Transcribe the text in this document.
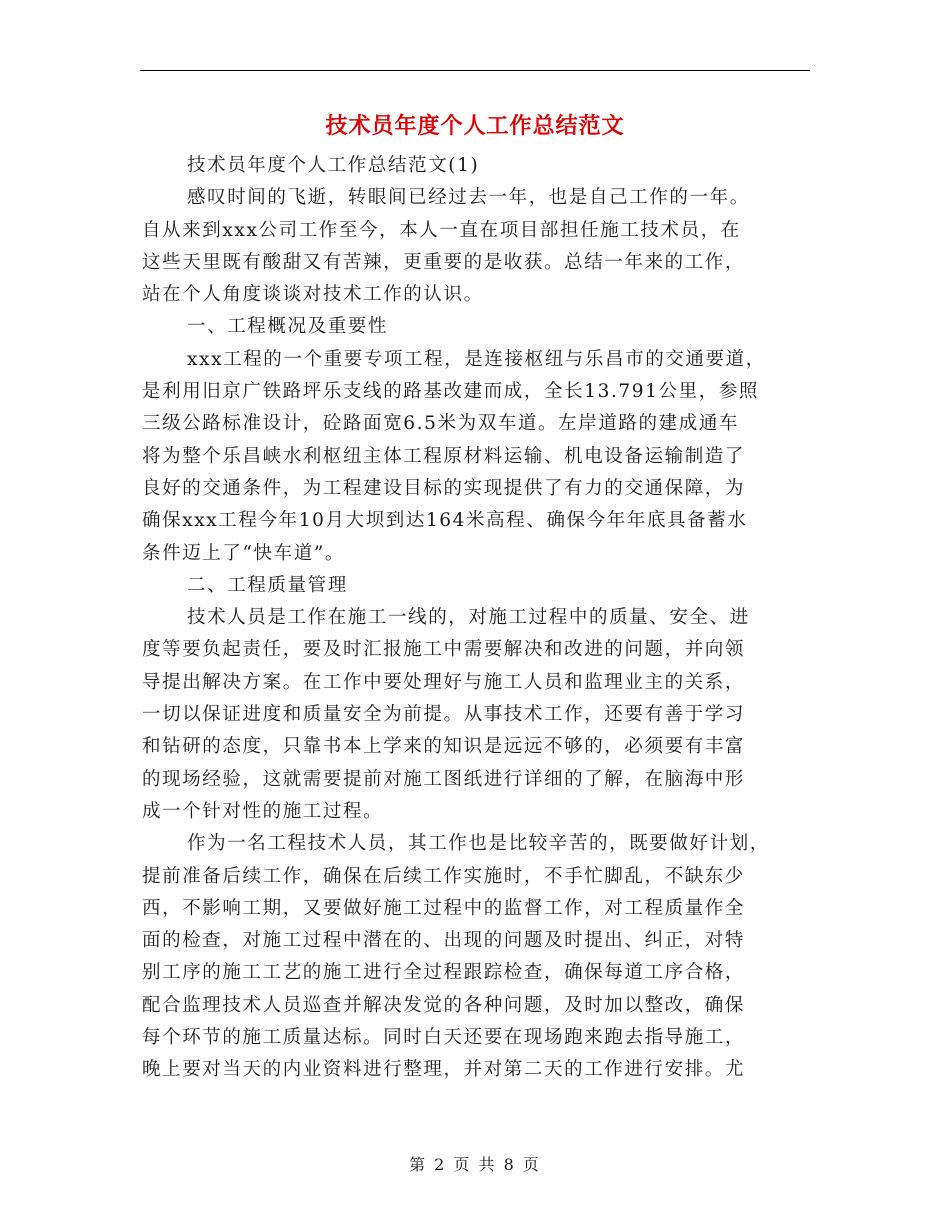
技术员年度个人工作总结范文
技术员年度个人工作总结范文(1)
感叹时间的飞逝，转眼间已经过去一年，也是自己工作的一年。
自从来到xxx公司工作至今，本人一直在项目部担任施工技术员，在
这些天里既有酸甜又有苦辣，更重要的是收获。总结一年来的工作，
站在个人角度谈谈对技术工作的认识。
一、工程概况及重要性
xxx工程的一个重要专项工程，是连接枢纽与乐昌市的交通要道，
是利用旧京广铁路坪乐支线的路基改建而成，全长13.791公里，参照
三级公路标准设计，砼路面宽6.5米为双车道。左岸道路的建成通车
将为整个乐昌峡水利枢纽主体工程原材料运输、机电设备运输制造了
良好的交通条件，为工程建设目标的实现提供了有力的交通保障，为
确保xxx工程今年10月大坝到达164米高程、确保今年年底具备蓄水
条件迈上了“快车道”。
二、工程质量管理
技术人员是工作在施工一线的，对施工过程中的质量、安全、进
度等要负起责任，要及时汇报施工中需要解决和改进的问题，并向领
导提出解决方案。在工作中要处理好与施工人员和监理业主的关系，
一切以保证进度和质量安全为前提。从事技术工作，还要有善于学习
和钻研的态度，只靠书本上学来的知识是远远不够的，必须要有丰富
的现场经验，这就需要提前对施工图纸进行详细的了解，在脑海中形
成一个针对性的施工过程。
作为一名工程技术人员，其工作也是比较辛苦的，既要做好计划，
提前准备后续工作，确保在后续工作实施时，不手忙脚乱，不缺东少
西，不影响工期，又要做好施工过程中的监督工作，对工程质量作全
面的检查，对施工过程中潜在的、出现的问题及时提出、纠正，对特
别工序的施工工艺的施工进行全过程跟踪检查，确保每道工序合格，
配合监理技术人员巡查并解决发觉的各种问题，及时加以整改，确保
每个环节的施工质量达标。同时白天还要在现场跑来跑去指导施工，
晚上要对当天的内业资料进行整理，并对第二天的工作进行安排。尤
第 2 页 共 8 页
